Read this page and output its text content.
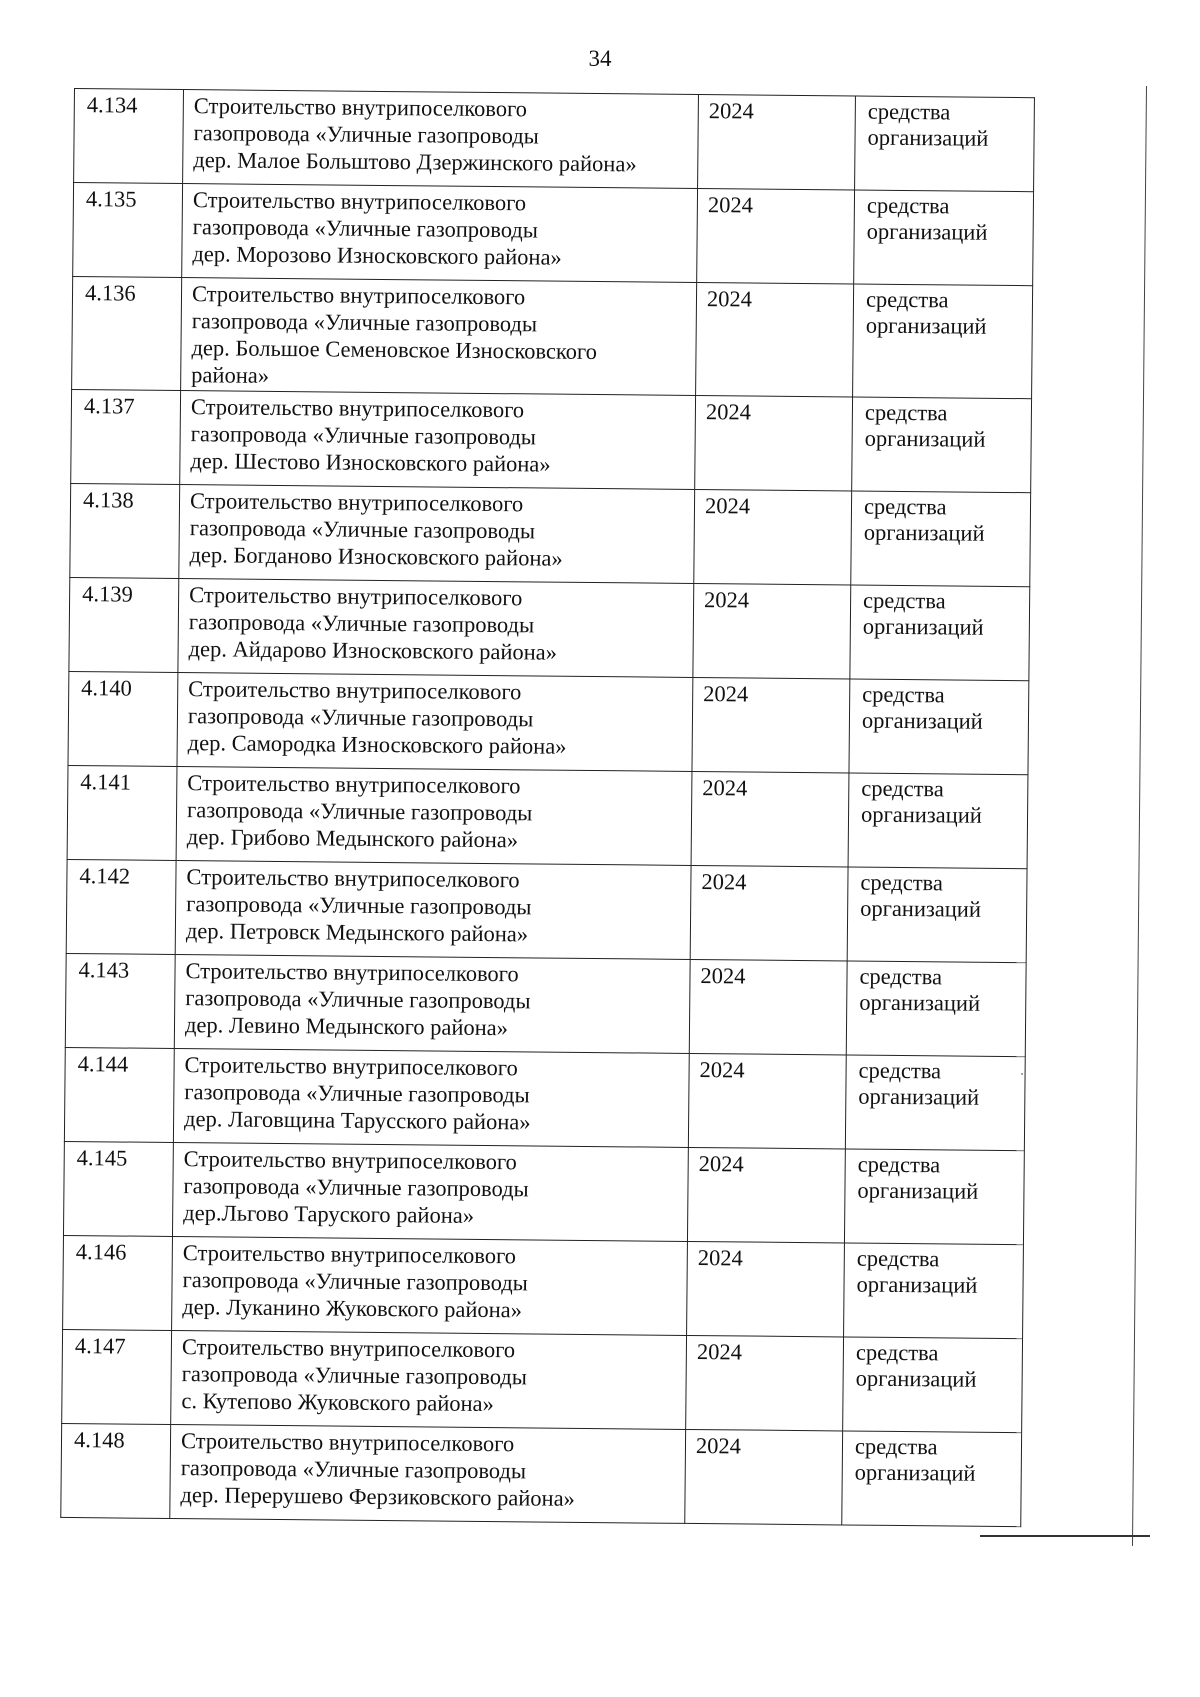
34
4.134	Строительство внутрипоселкового
газопровода «Уличные газопроводы
дер. Малое Больштово Дзержинского района»	2024	средства
организаций

4.135	Строительство внутрипоселкового
газопровода «Уличные газопроводы
дер. Морозово Износковского района»	2024	средства
организаций

4.136	Строительство внутрипоселкового
газопровода «Уличные газопроводы
дер. Большое Семеновское Износковского
района»	2024	средства
организаций

4.137	Строительство внутрипоселкового
газопровода «Уличные газопроводы
дер. Шестово Износковского района»	2024	средства
организаций

4.138	Строительство внутрипоселкового
газопровода «Уличные газопроводы
дер. Богданово Износковского района»	2024	средства
организаций

4.139	Строительство внутрипоселкового
газопровода «Уличные газопроводы
дер. Айдарово Износковского района»	2024	средства
организаций

4.140	Строительство внутрипоселкового
газопровода «Уличные газопроводы
дер. Самородка Износковского района»	2024	средства
организаций

4.141	Строительство внутрипоселкового
газопровода «Уличные газопроводы
дер. Грибово Медынского района»	2024	средства
организаций

4.142	Строительство внутрипоселкового
газопровода «Уличные газопроводы
дер. Петровск Медынского района»	2024	средства
организаций

4.143	Строительство внутрипоселкового
газопровода «Уличные газопроводы
дер. Левино Медынского района»	2024	средства
организаций

4.144	Строительство внутрипоселкового
газопровода «Уличные газопроводы
дер. Лаговщина Тарусского района»	2024	средства
организаций

4.145	Строительство внутрипоселкового
газопровода «Уличные газопроводы
дер.Льгово Таруского района»	2024	средства
организаций

4.146	Строительство внутрипоселкового
газопровода «Уличные газопроводы
дер. Луканино Жуковского района»	2024	средства
организаций

4.147	Строительство внутрипоселкового
газопровода «Уличные газопроводы
с. Кутепово Жуковского района»	2024	средства
организаций

4.148	Строительство внутрипоселкового
газопровода «Уличные газопроводы
дер. Перерушево Ферзиковского района»	2024	средства
организаций
